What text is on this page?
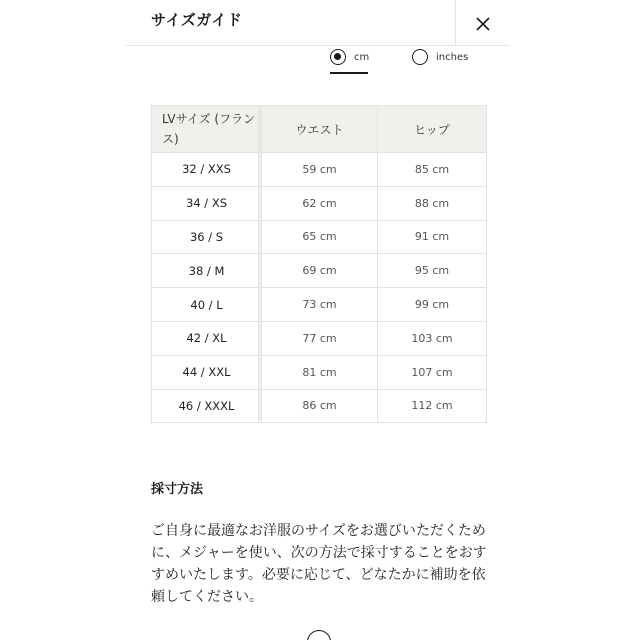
サイズガイド
cm	inches
LVサイズ (フランス)	ウエスト	ヒップ
32 / XXS	59 cm	85 cm
34 / XS	62 cm	88 cm
36 / S	65 cm	91 cm
38 / M	69 cm	95 cm
40 / L	73 cm	99 cm
42 / XL	77 cm	103 cm
44 / XXL	81 cm	107 cm
46 / XXXL	86 cm	112 cm
採寸方法
ご自身に最適なお洋服のサイズをお選びいただくために、メジャーを使い、次の方法で採寸することをおすすめいたします。必要に応じて、どなたかに補助を依頼してください。
